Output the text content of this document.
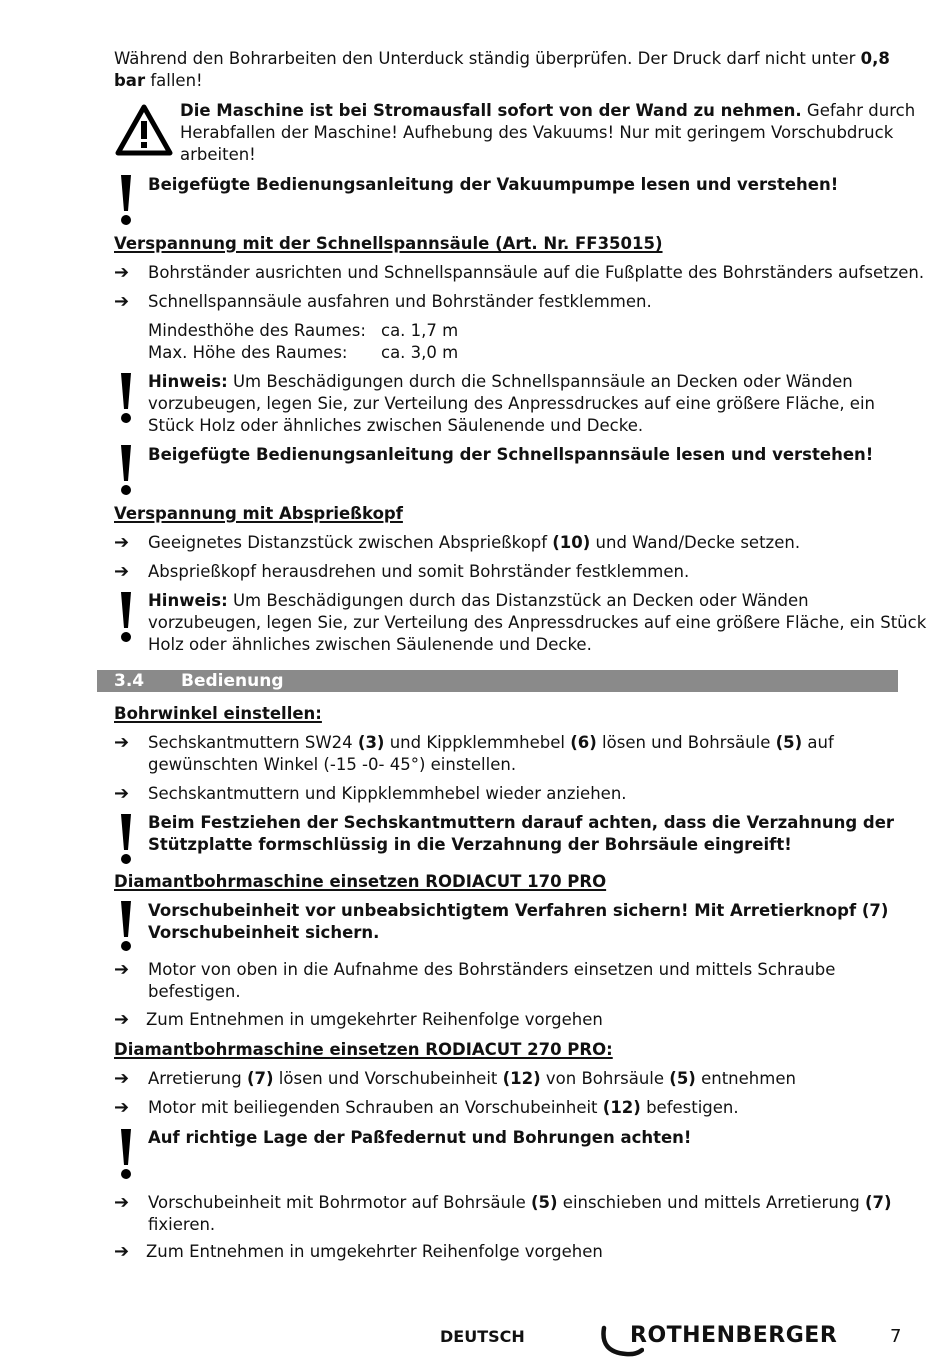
Während den Bohrarbeiten den Unterduck ständig überprüfen. Der Druck darf nicht unter 0,8
bar fallen!
Die Maschine ist bei Stromausfall sofort von der Wand zu nehmen. Gefahr durch
Herabfallen der Maschine! Aufhebung des Vakuums! Nur mit geringem Vorschubdruck
arbeiten!
Beigefügte Bedienungsanleitung der Vakuumpumpe lesen und verstehen!
Verspannung mit der Schnellspannsäule (Art. Nr. FF35015)
➔ Bohrständer ausrichten und Schnellspannsäule auf die Fußplatte des Bohrständers aufsetzen.
➔ Schnellspannsäule ausfahren und Bohrständer festklemmen.
Mindesthöhe des Raumes: ca. 1,7 m
Max. Höhe des Raumes: ca. 3,0 m
Hinweis: Um Beschädigungen durch die Schnellspannsäule an Decken oder Wänden
vorzubeugen, legen Sie, zur Verteilung des Anpressdruckes auf eine größere Fläche, ein
Stück Holz oder ähnliches zwischen Säulenende und Decke.
Beigefügte Bedienungsanleitung der Schnellspannsäule lesen und verstehen!
Verspannung mit Absprießkopf
➔ Geeignetes Distanzstück zwischen Absprießkopf (10) und Wand/Decke setzen.
➔ Absprießkopf herausdrehen und somit Bohrständer festklemmen.
Hinweis: Um Beschädigungen durch das Distanzstück an Decken oder Wänden
vorzubeugen, legen Sie, zur Verteilung des Anpressdruckes auf eine größere Fläche, ein Stück
Holz oder ähnliches zwischen Säulenende und Decke.
3.4 Bedienung
Bohrwinkel einstellen:
➔ Sechskantmuttern SW24 (3) und Kippklemmhebel (6) lösen und Bohrsäule (5) auf
gewünschten Winkel (-15 -0- 45°) einstellen.
➔ Sechskantmuttern und Kippklemmhebel wieder anziehen.
Beim Festziehen der Sechskantmuttern darauf achten, dass die Verzahnung der
Stützplatte formschlüssig in die Verzahnung der Bohrsäule eingreift!
Diamantbohrmaschine einsetzen RODIACUT 170 PRO
Vorschubeinheit vor unbeabsichtigtem Verfahren sichern! Mit Arretierknopf (7)
Vorschubeinheit sichern.
➔ Motor von oben in die Aufnahme des Bohrständers einsetzen und mittels Schraube
befestigen.
➔ Zum Entnehmen in umgekehrter Reihenfolge vorgehen
Diamantbohrmaschine einsetzen RODIACUT 270 PRO:
➔ Arretierung (7) lösen und Vorschubeinheit (12) von Bohrsäule (5) entnehmen
➔ Motor mit beiliegenden Schrauben an Vorschubeinheit (12) befestigen.
Auf richtige Lage der Paßfedernut und Bohrungen achten!
➔ Vorschubeinheit mit Bohrmotor auf Bohrsäule (5) einschieben und mittels Arretierung (7)
fixieren.
➔ Zum Entnehmen in umgekehrter Reihenfolge vorgehen
DEUTSCH	ROTHENBERGER	7
